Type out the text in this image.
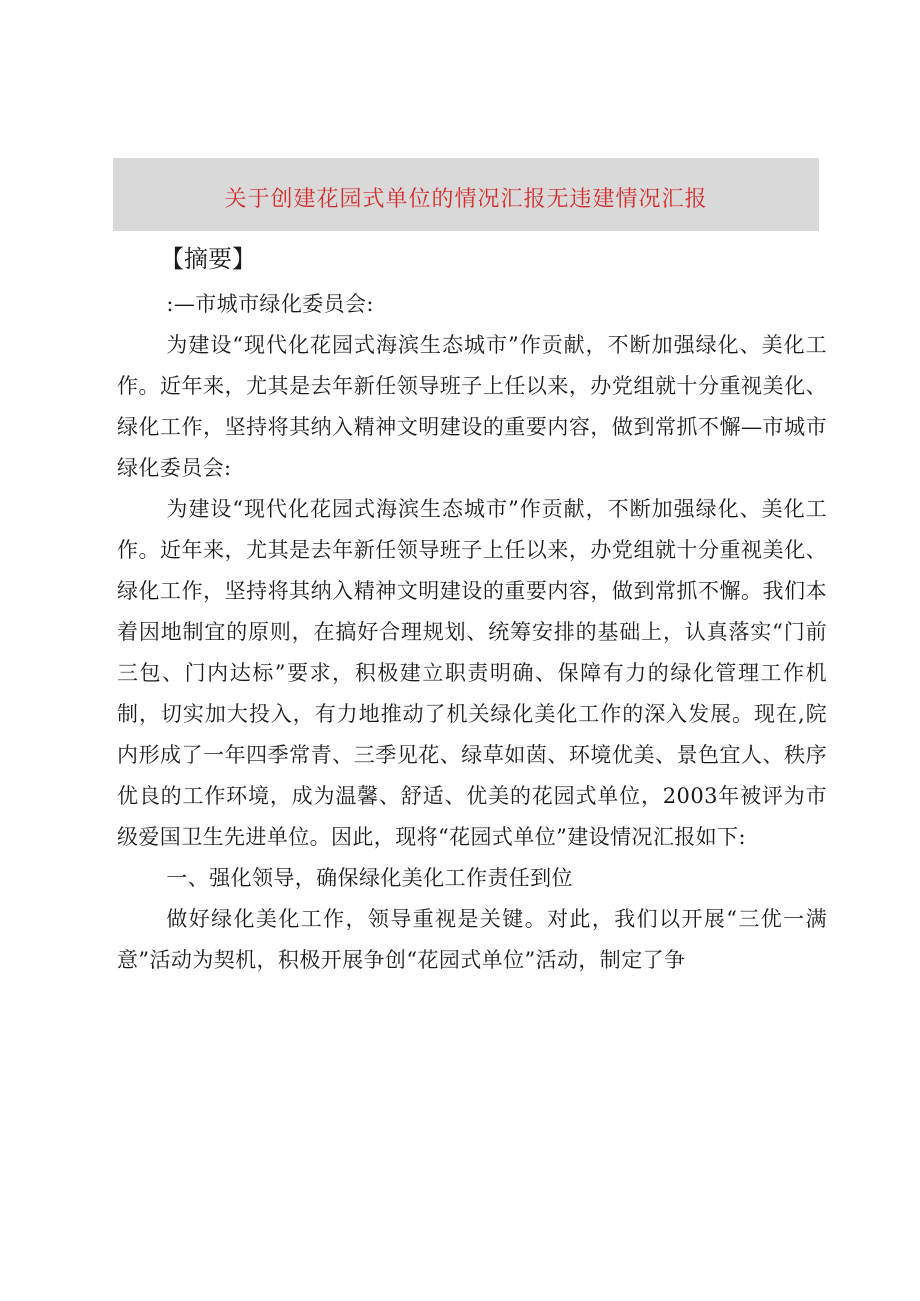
关于创建花园式单位的情况汇报无违建情况汇报
【摘要】

:—市城市绿化委员会:

为建设“现代化花园式海滨生态城市”作贡献，不断加强绿化、美化工作。近年来，尤其是去年新任领导班子上任以来，办党组就十分重视美化、绿化工作，坚持将其纳入精神文明建设的重要内容，做到常抓不懈—市城市绿化委员会:

为建设“现代化花园式海滨生态城市”作贡献，不断加强绿化、美化工作。近年来，尤其是去年新任领导班子上任以来，办党组就十分重视美化、绿化工作，坚持将其纳入精神文明建设的重要内容，做到常抓不懈。我们本着因地制宜的原则，在搞好合理规划、统筹安排的基础上，认真落实“门前三包、门内达标”要求，积极建立职责明确、保障有力的绿化管理工作机制，切实加大投入，有力地推动了机关绿化美化工作的深入发展。现在,院内形成了一年四季常青、三季见花、绿草如茵、环境优美、景色宜人、秩序优良的工作环境，成为温馨、舒适、优美的花园式单位，2003年被评为市级爱国卫生先进单位。因此，现将“花园式单位”建设情况汇报如下:

一、强化领导，确保绿化美化工作责任到位

做好绿化美化工作，领导重视是关键。对此，我们以开展“三优一满意”活动为契机，积极开展争创“花园式单位”活动，制定了争
